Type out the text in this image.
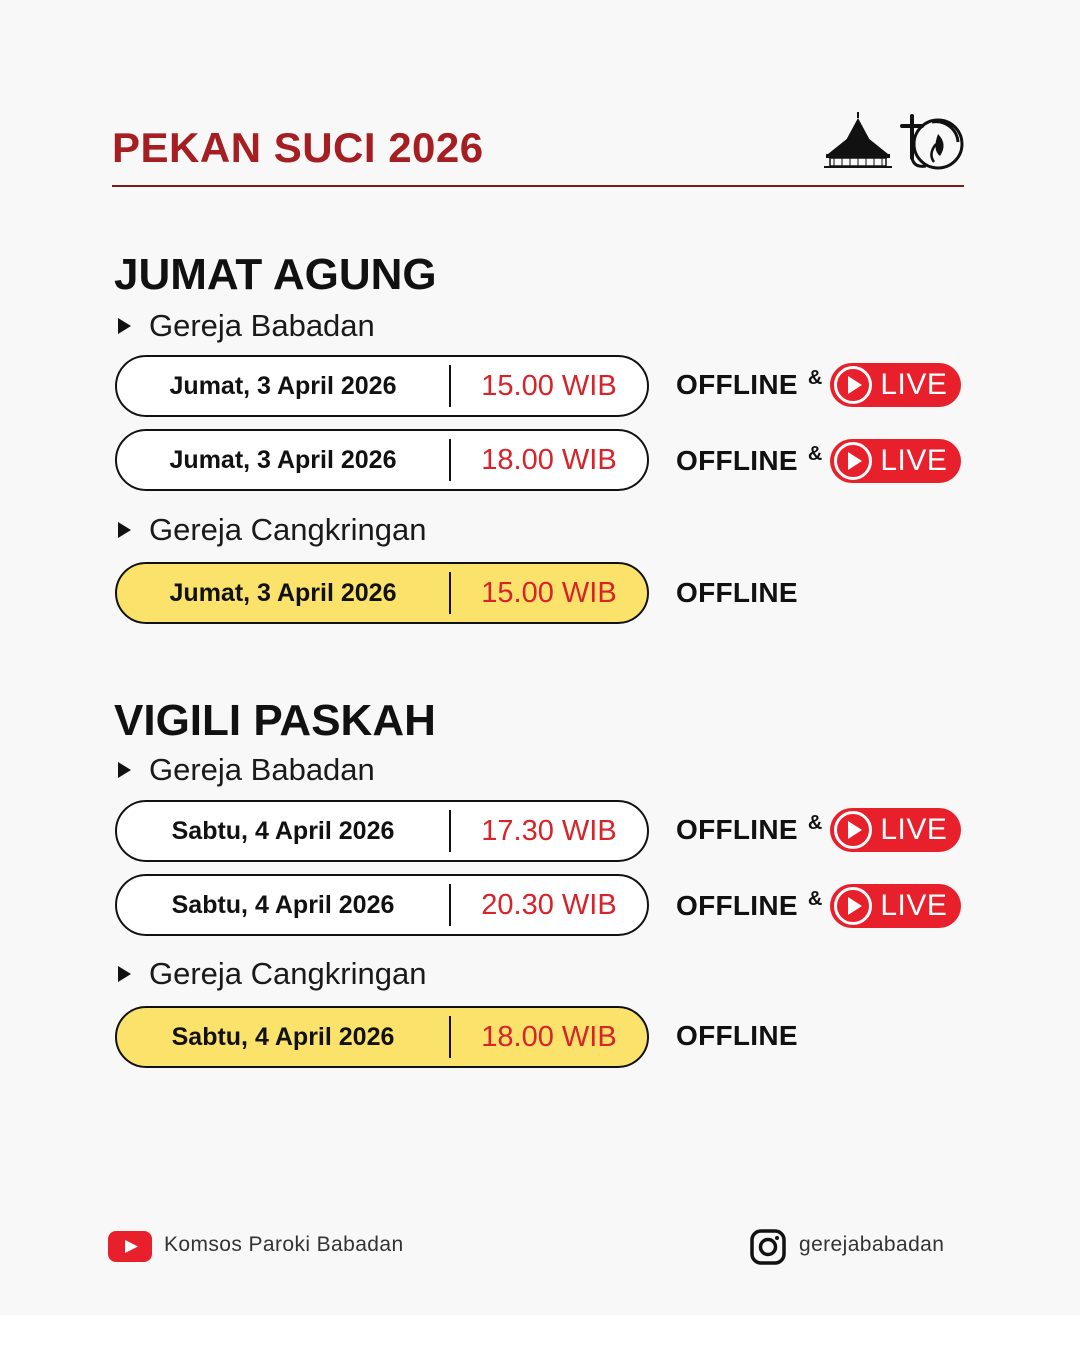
PEKAN SUCI 2026
JUMAT AGUNG
Gereja Babadan
Jumat, 3 April 2026	15.00 WIB	OFFLINE & LIVE
Jumat, 3 April 2026	18.00 WIB	OFFLINE & LIVE
Gereja Cangkringan
Jumat, 3 April 2026	15.00 WIB	OFFLINE
VIGILI PASKAH
Gereja Babadan
Sabtu, 4 April 2026	17.30 WIB	OFFLINE & LIVE
Sabtu, 4 April 2026	20.30 WIB	OFFLINE & LIVE
Gereja Cangkringan
Sabtu, 4 April 2026	18.00 WIB	OFFLINE
Komsos Paroki Babadan	gerejababadan
